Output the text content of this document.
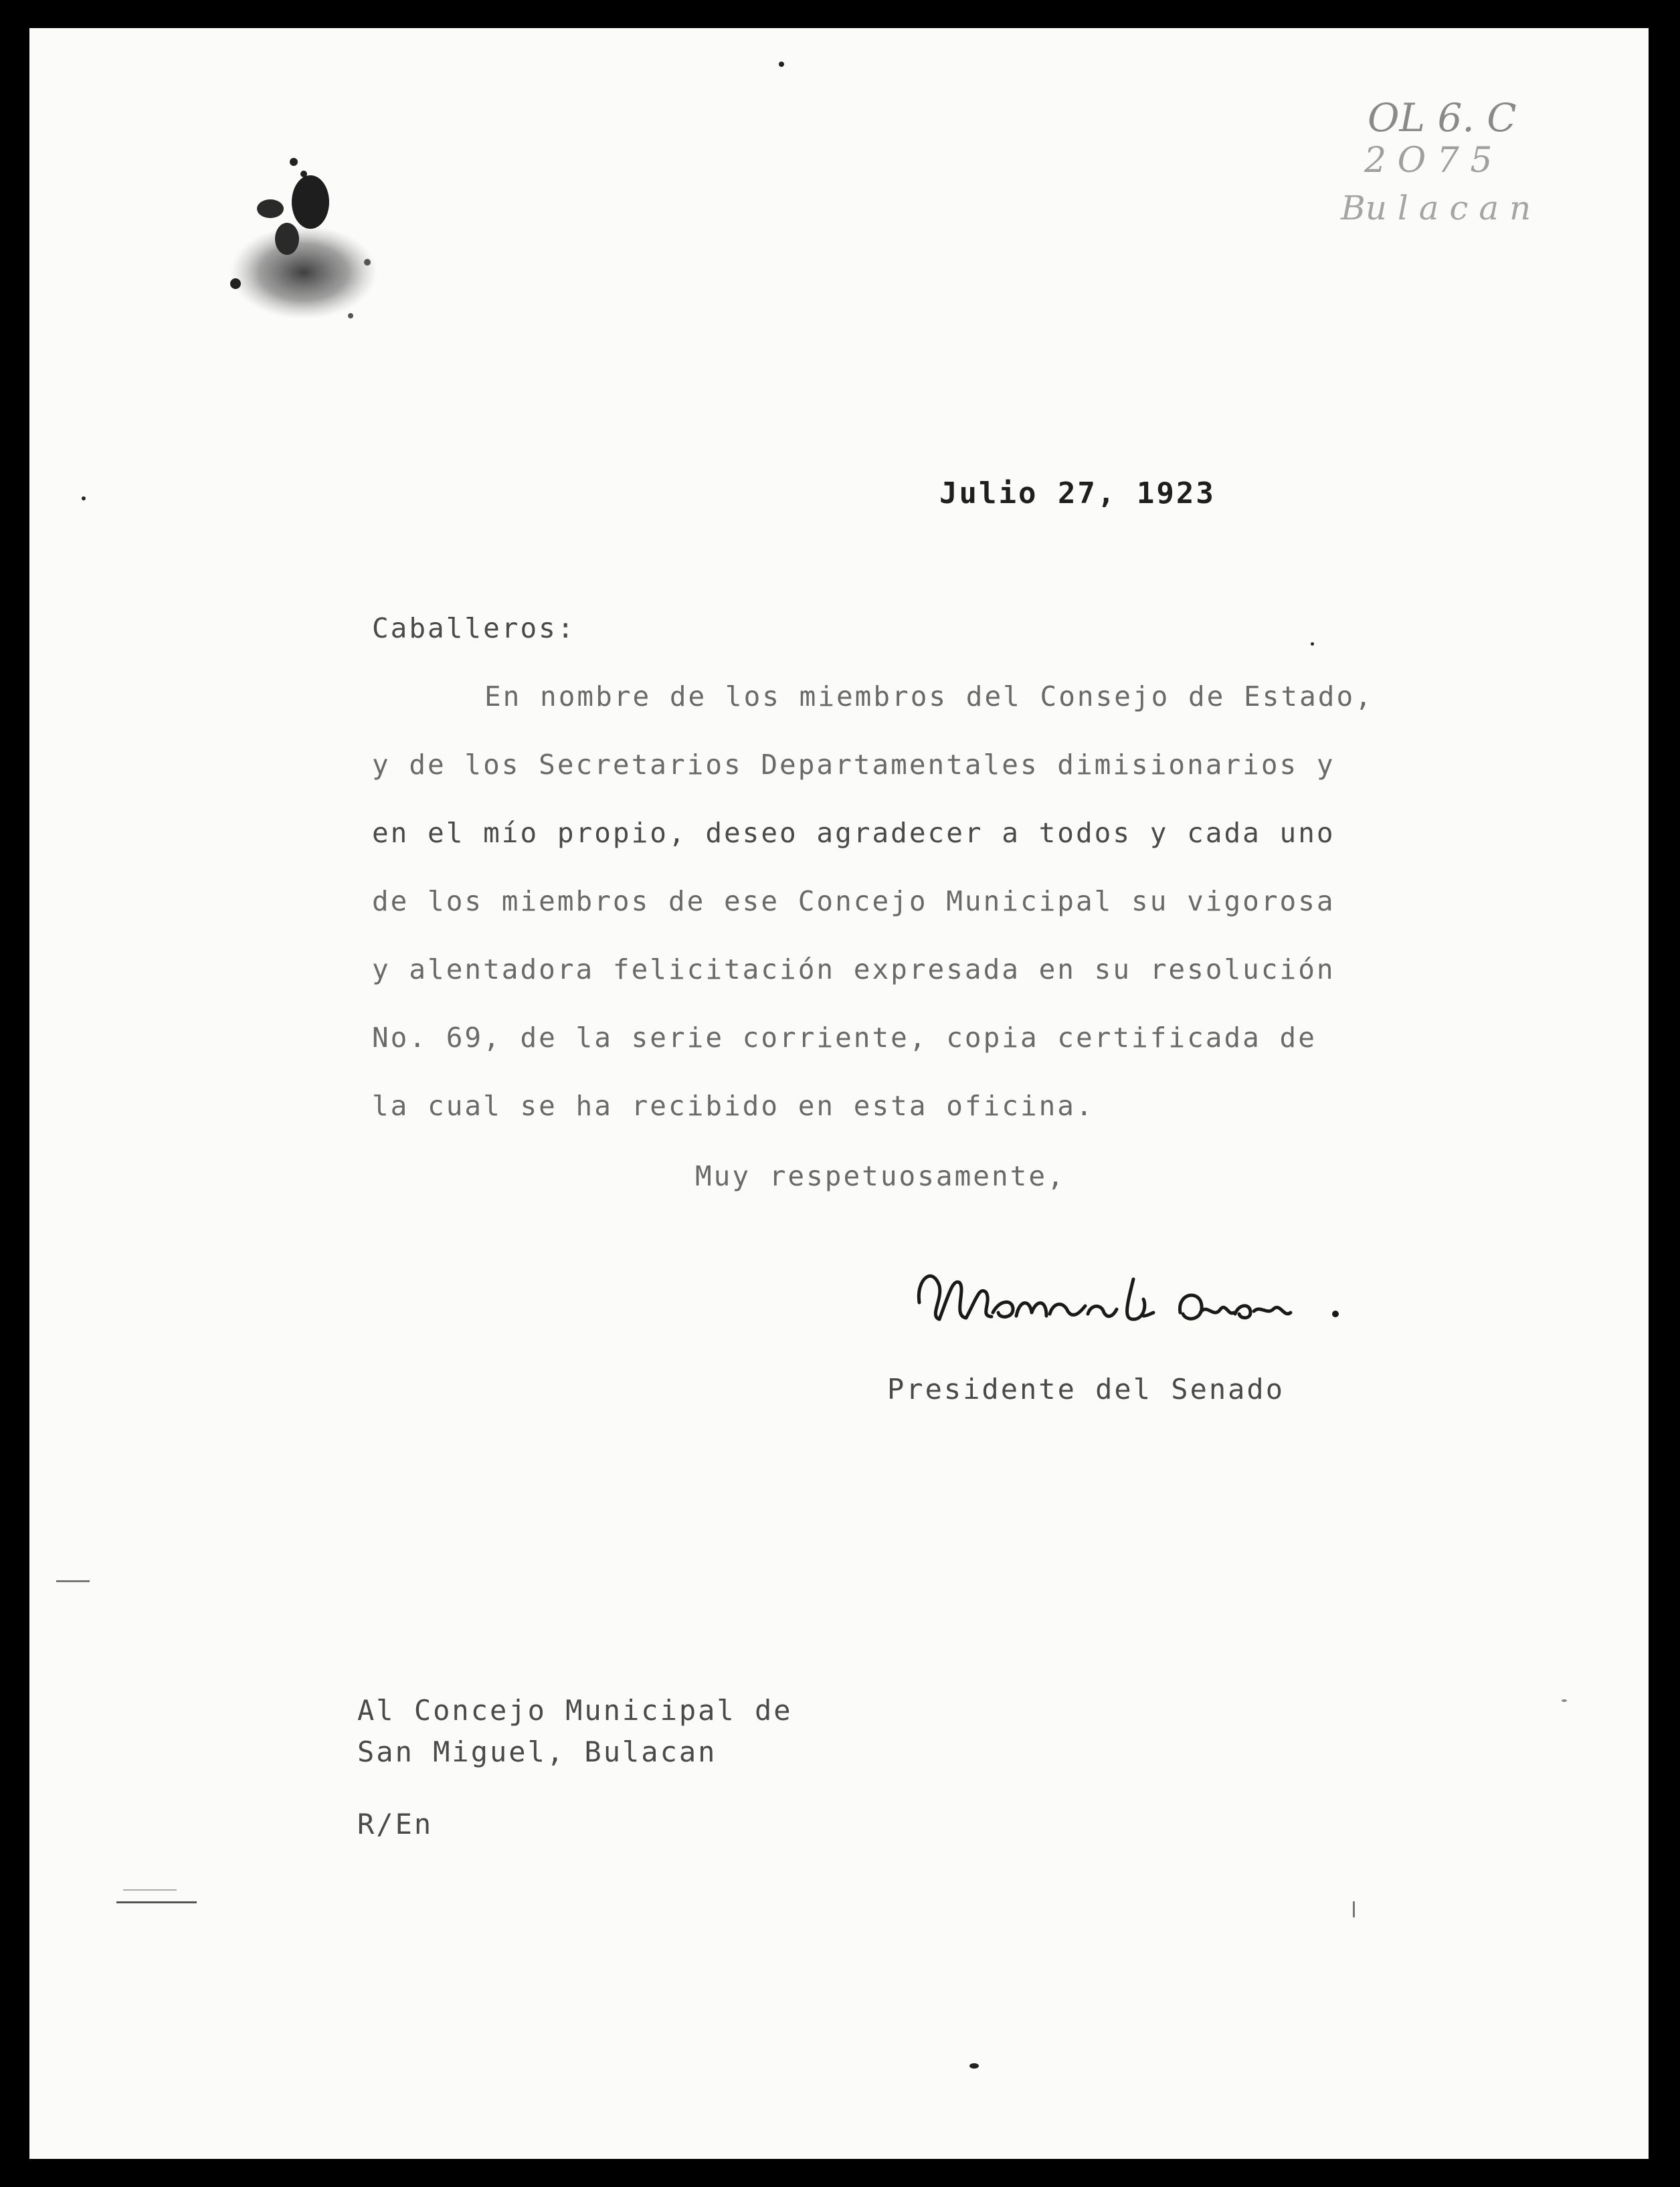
OL 6. C
2 O 7 5
Bu l a c a n
Julio 27, 1923
Caballeros:
En nombre de los miembros del Consejo de Estado,
y de los Secretarios Departamentales dimisionarios y
en el mío propio, deseo agradecer a todos y cada uno
de los miembros de ese Concejo Municipal su vigorosa
y alentadora felicitación expresada en su resolución
No. 69, de la serie corriente, copia certificada de
la cual se ha recibido en esta oficina.
Muy respetuosamente,
Presidente del Senado
Al Concejo Municipal de
San Miguel, Bulacan
R/En
